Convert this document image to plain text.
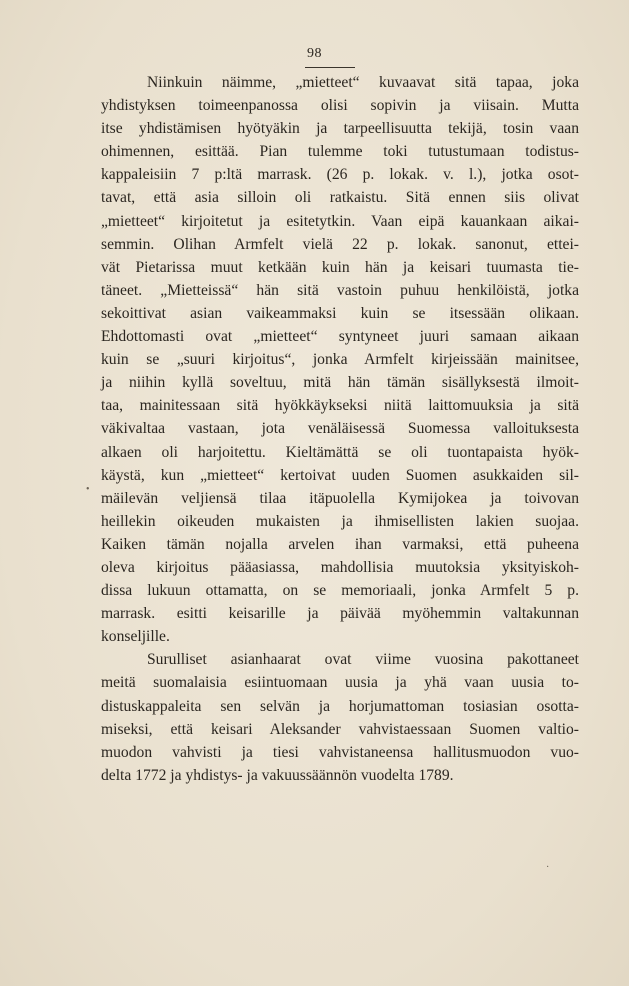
98
Niinkuin näimme, „mietteet“ kuvaavat sitä tapaa, joka
yhdistyksen toimeenpanossa olisi sopivin ja viisain. Mutta
itse yhdistämisen hyötyäkin ja tarpeellisuutta tekijä, tosin vaan
ohimennen, esittää. Pian tulemme toki tutustumaan todistus-
kappaleisiin 7 p:ltä marrask. (26 p. lokak. v. l.), jotka osot-
tavat, että asia silloin oli ratkaistu. Sitä ennen siis olivat
„mietteet“ kirjoitetut ja esitetytkin. Vaan eipä kauankaan aikai-
semmin. Olihan Armfelt vielä 22 p. lokak. sanonut, ettei-
vät Pietarissa muut ketkään kuin hän ja keisari tuumasta tie-
täneet. „Mietteissä“ hän sitä vastoin puhuu henkilöistä, jotka
sekoittivat asian vaikeammaksi kuin se itsessään olikaan.
Ehdottomasti ovat „mietteet“ syntyneet juuri samaan aikaan
kuin se „suuri kirjoitus“, jonka Armfelt kirjeissään mainitsee,
ja niihin kyllä soveltuu, mitä hän tämän sisällyksestä ilmoit-
taa, mainitessaan sitä hyökkäykseksi niitä laittomuuksia ja sitä
väkivaltaa vastaan, jota venäläisessä Suomessa valloituksesta
alkaen oli harjoitettu. Kieltämättä se oli tuontapaista hyök-
käystä, kun „mietteet“ kertoivat uuden Suomen asukkaiden sil-
mäilevän veljiensä tilaa itäpuolella Kymijokea ja toivovan
heillekin oikeuden mukaisten ja ihmisellisten lakien suojaa.
Kaiken tämän nojalla arvelen ihan varmaksi, että puheena
oleva kirjoitus pääasiassa, mahdollisia muutoksia yksityiskoh-
dissa lukuun ottamatta, on se memoriaali, jonka Armfelt 5 p.
marrask. esitti keisarille ja päivää myöhemmin valtakunnan
konseljille.
Surulliset asianhaarat ovat viime vuosina pakottaneet
meitä suomalaisia esiintuomaan uusia ja yhä vaan uusia to-
distuskappaleita sen selvän ja horjumattoman tosiasian osotta-
miseksi, että keisari Aleksander vahvistaessaan Suomen valtio-
muodon vahvisti ja tiesi vahvistaneensa hallitusmuodon vuo-
delta 1772 ja yhdistys- ja vakuussäännön vuodelta 1789.
•
·
